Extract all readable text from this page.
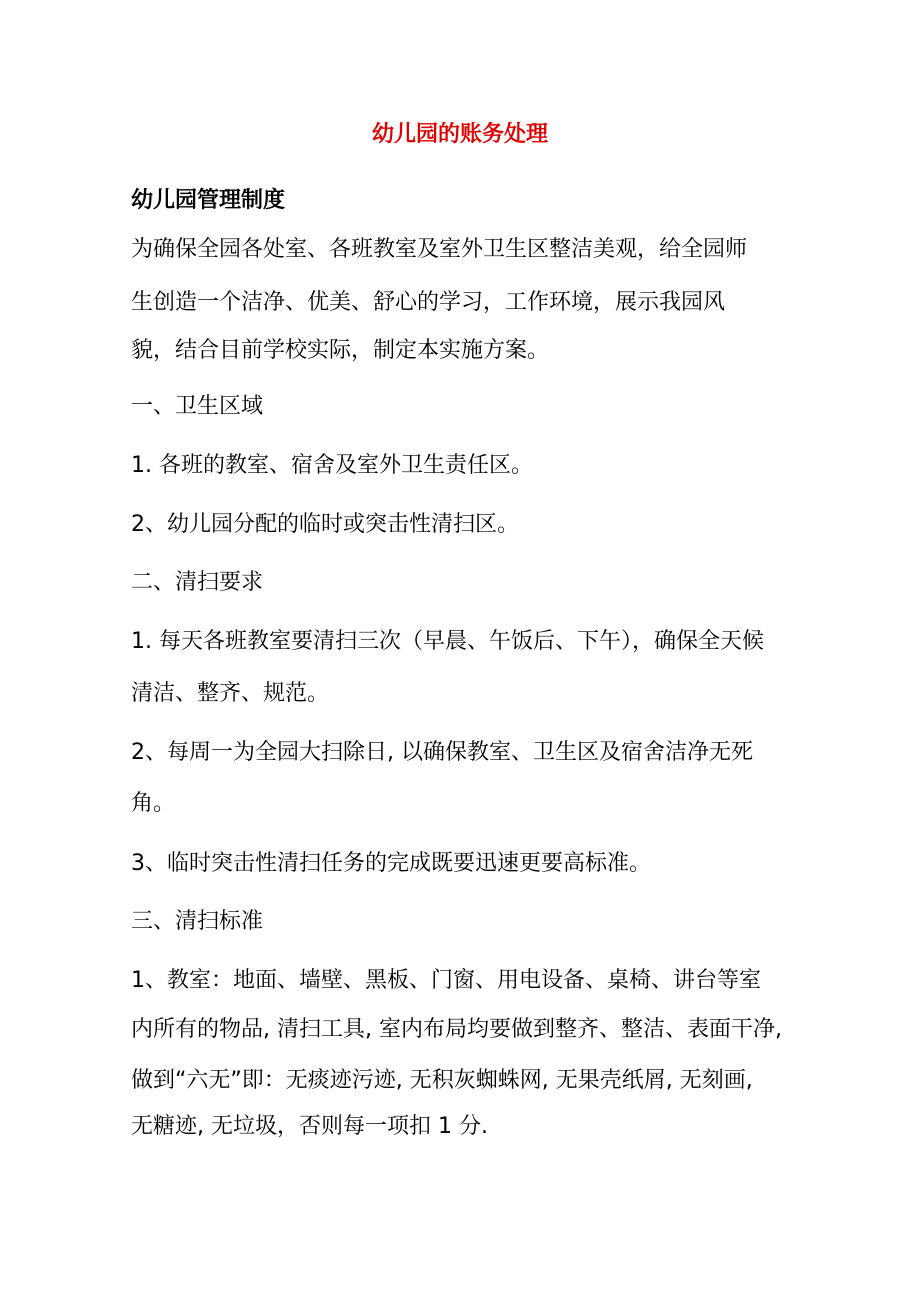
幼儿园的账务处理
幼儿园管理制度
为确保全园各处室、各班教室及室外卫生区整洁美观，给全园师
生创造一个洁净、优美、舒心的学习，工作环境，展示我园风
貌，结合目前学校实际，制定本实施方案。
一、卫生区域
1. 各班的教室、宿舍及室外卫生责任区。
2、幼儿园分配的临时或突击性清扫区。
二、清扫要求
1. 每天各班教室要清扫三次（早晨、午饭后、下午），确保全天候
清洁、整齐、规范。
2、每周一为全园大扫除日, 以确保教室、卫生区及宿舍洁净无死
角。
3、临时突击性清扫任务的完成既要迅速更要高标准。
三、清扫标准
1、教室：地面、墙壁、黑板、门窗、用电设备、桌椅、讲台等室
内所有的物品, 清扫工具, 室内布局均要做到整齐、整洁、表面干净,
做到“六无”即：无痰迹污迹, 无积灰蜘蛛网, 无果壳纸屑, 无刻画,
无糖迹, 无垃圾，否则每一项扣 1 分.
